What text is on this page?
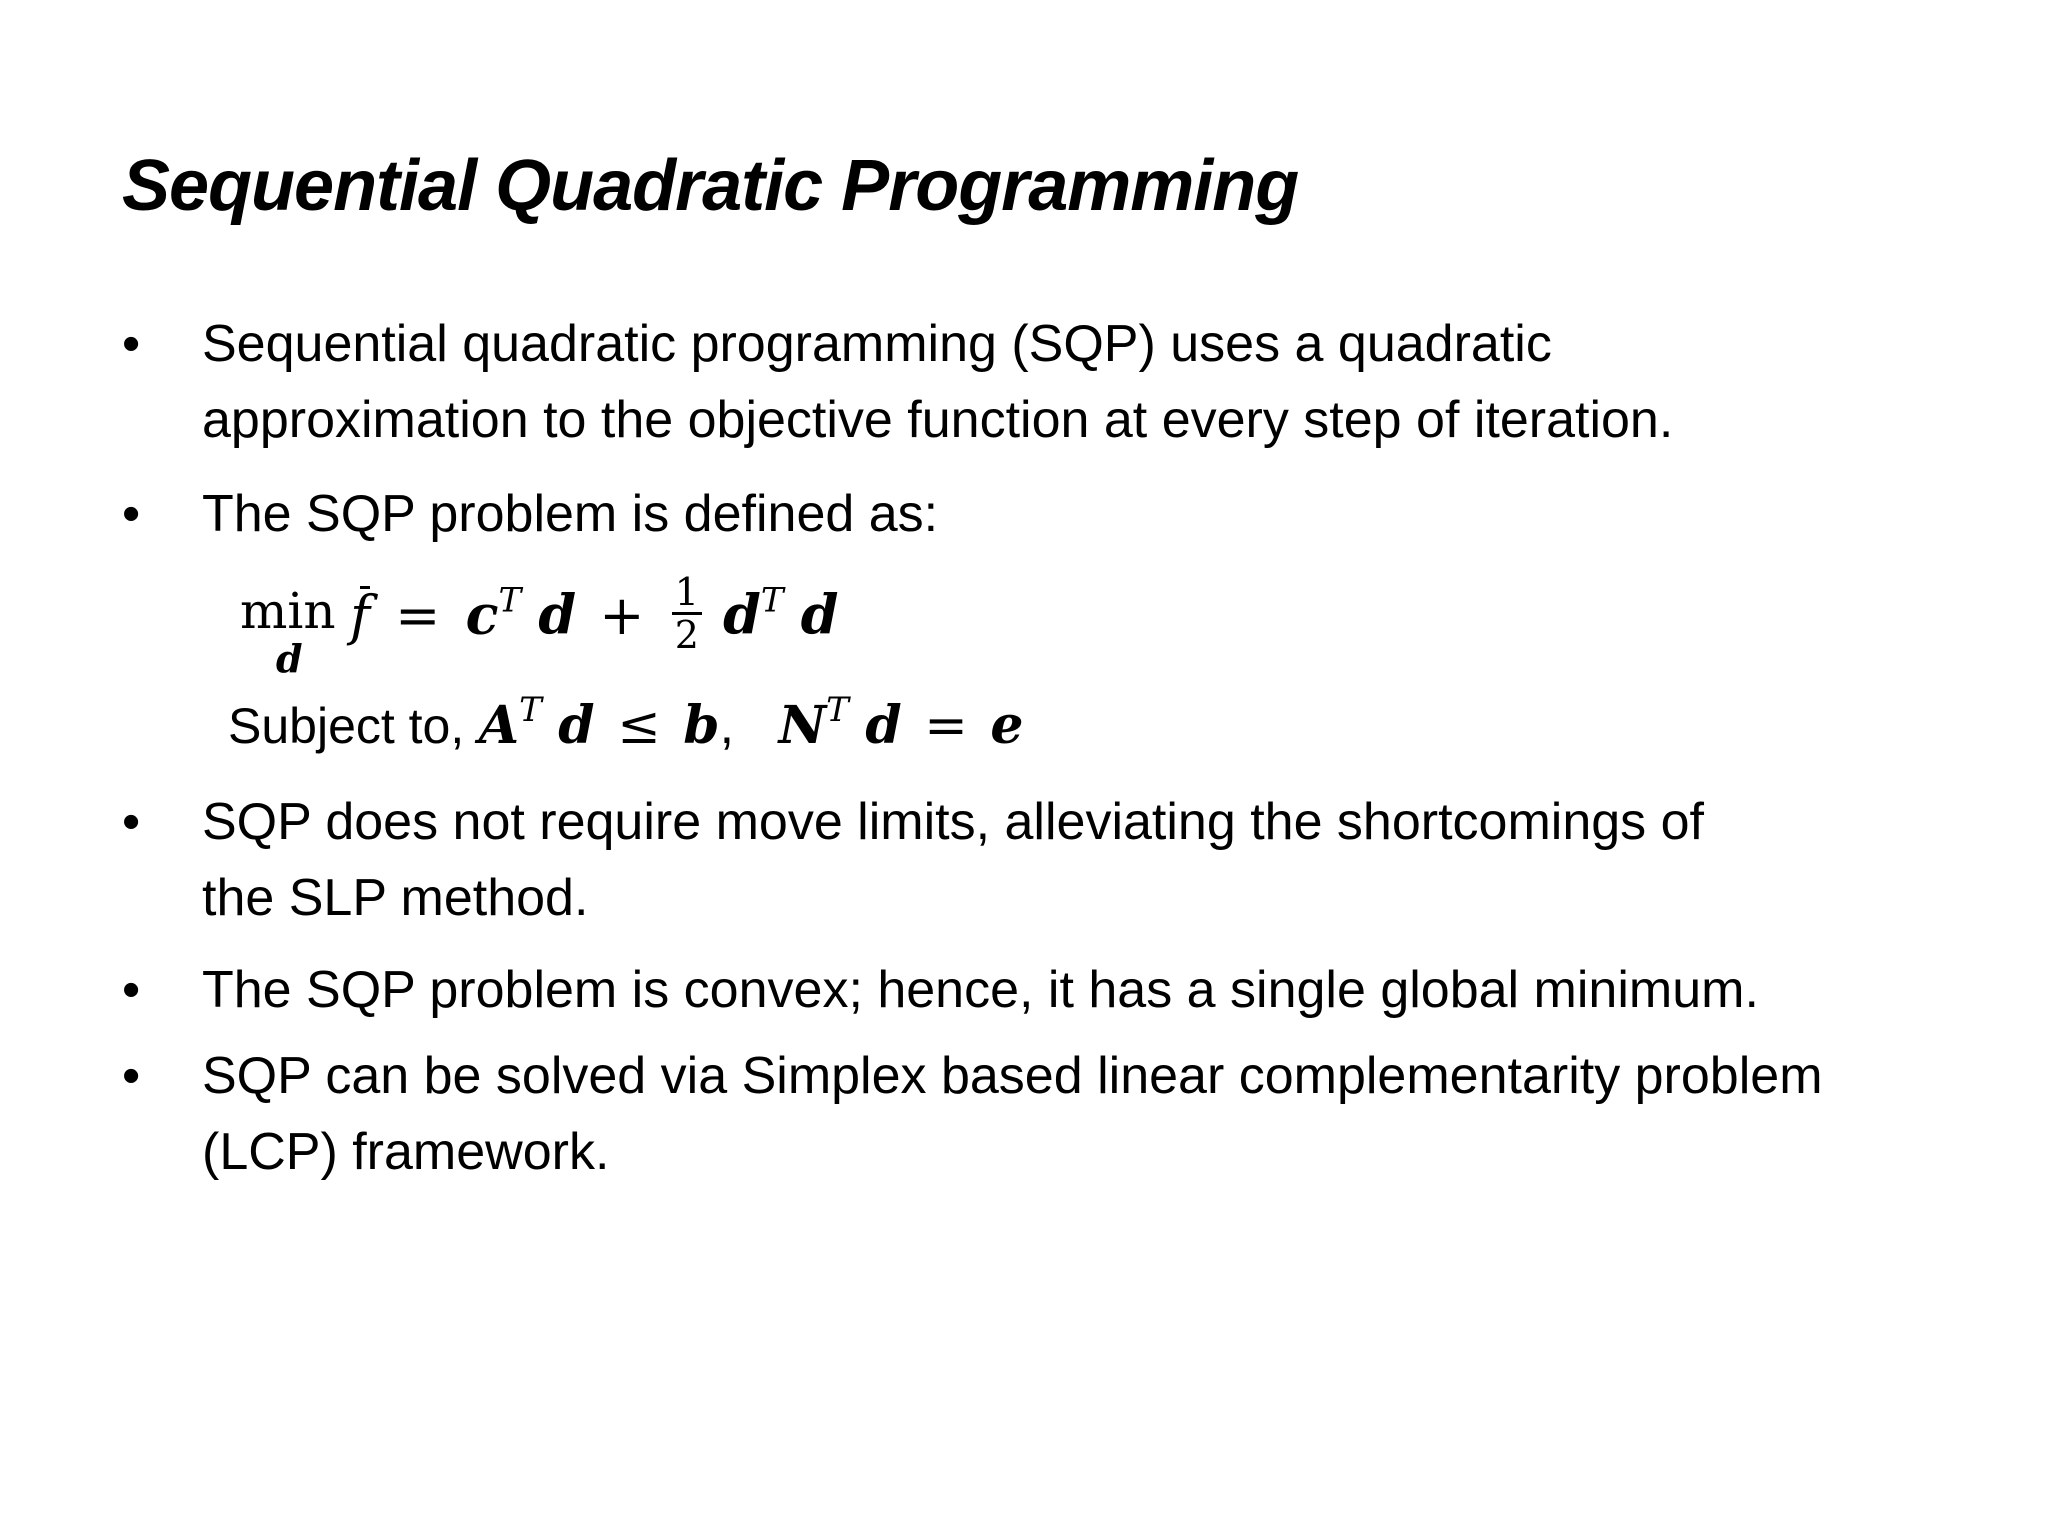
Sequential Quadratic Programming
• Sequential quadratic programming (SQP) uses a quadratic
approximation to the objective function at every step of iteration.
• The SQP problem is defined as:
min
d
$f = c^T$ $d + \frac{1}{2} d^T$ d
Subject to, $A^T$ d ≤ b, $N^T$ d = e
• SQP does not require move limits, alleviating the shortcomings of
the SLP method.
• The SQP problem is convex; hence, it has a single global minimum.
• SQP can be solved via Simplex based linear complementarity problem
(LCP) framework.
